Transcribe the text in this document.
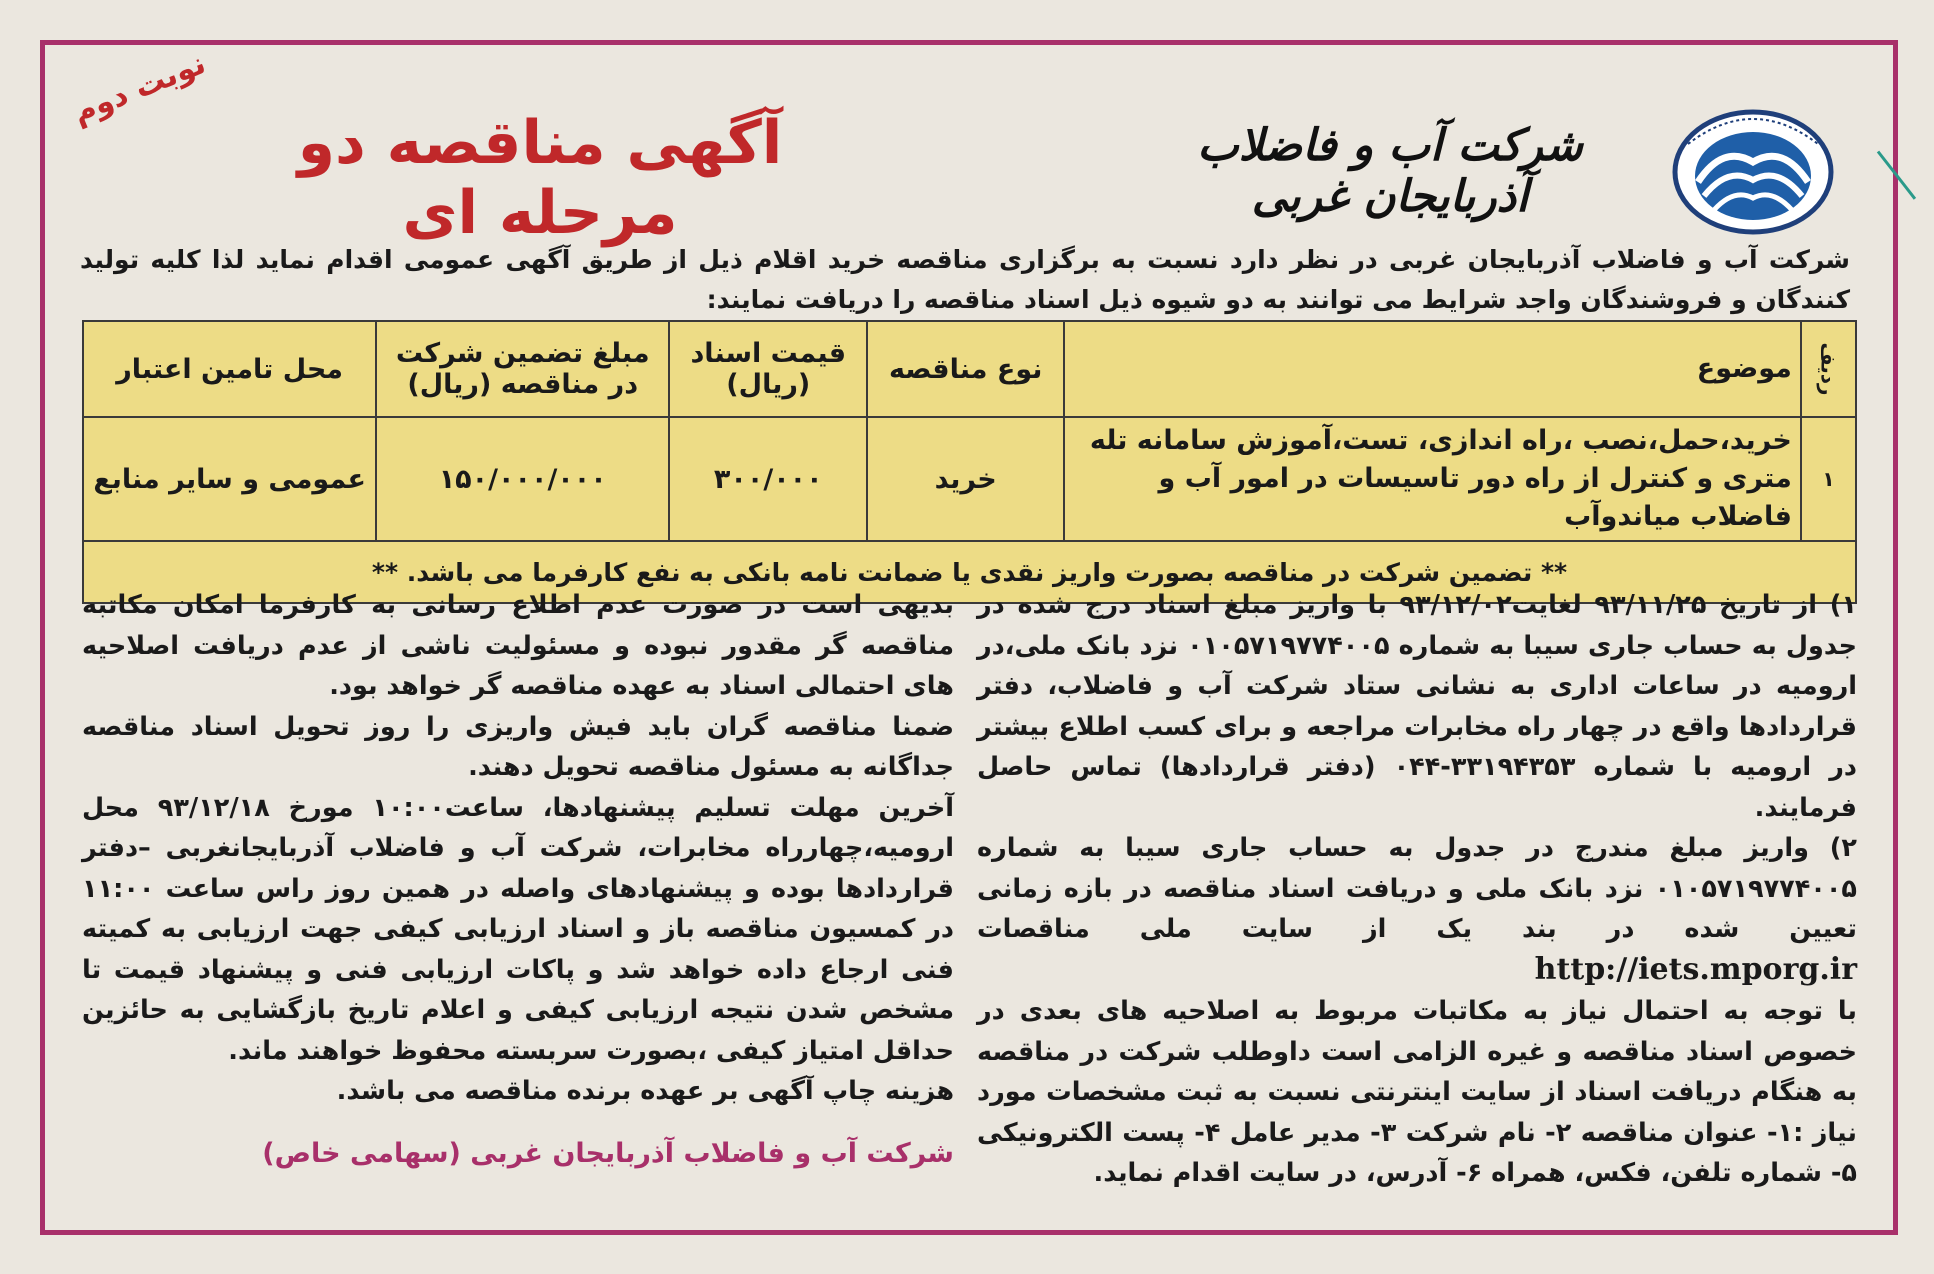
شرکت آب و فاضلاب آذربایجان غربی
آگهی مناقصه دو مرحله ای
نوبت دوم
شرکت آب و فاضلاب آذربایجان غربی در نظر دارد نسبت به برگزاری مناقصه خرید اقلام ذیل از طریق آگهی عمومی اقدام نماید لذا کلیه تولید کنندگان و فروشندگان واجد شرایط می توانند به دو شیوه ذیل اسناد مناقصه را دریافت نمایند:
ردیف	موضوع	نوع مناقصه	قیمت اسناد (ریال)	مبلغ تضمین شرکت در مناقصه (ریال)	محل تامین اعتبار
۱	خرید،حمل،نصب ،راه اندازی، تست،آموزش سامانه تله متری و کنترل از راه دور تاسیسات در امور آب و فاضلاب میاندوآب	خرید	۳۰۰/۰۰۰	۱۵۰/۰۰۰/۰۰۰	عمومی و سایر منابع
** تضمین شرکت در مناقصه بصورت واریز نقدی یا ضمانت نامه بانکی به نفع کارفرما می باشد. **					

۱) از تاریخ ۹۳/۱۱/۲۵ لغایت۹۳/۱۲/۰۲ با واریز مبلغ اسناد درج شده در جدول به حساب جاری سیبا به شماره ۰۱۰۵۷۱۹۷۷۴۰۰۵ نزد بانک ملی،در ارومیه در ساعات اداری به نشانی ستاد شرکت آب و فاضلاب، دفتر قراردادها واقع در چهار راه مخابرات مراجعه و برای کسب اطلاع بیشتر در ارومیه با شماره ۳۳۱۹۴۳۵۳-۰۴۴ (دفتر قراردادها) تماس حاصل فرمایند.

۲) واریز مبلغ مندرج در جدول به حساب جاری سیبا به شماره ۰۱۰۵۷۱۹۷۷۴۰۰۵ نزد بانک ملی و دریافت اسناد مناقصه در بازه زمانی تعیین شده در بند یک از سایت ملی مناقصات http://iets.mporg.ir

با توجه به احتمال نیاز به مکاتبات مربوط به اصلاحیه های بعدی در خصوص اسناد مناقصه و غیره الزامی است داوطلب شرکت در مناقصه به هنگام دریافت اسناد از سایت اینترنتی نسبت به ثبت مشخصات مورد نیاز :۱- عنوان مناقصه ۲- نام شرکت ۳- مدیر عامل ۴- پست الکترونیکی ۵- شماره تلفن، فکس، همراه ۶- آدرس، در سایت اقدام نماید.

بدیهی است در صورت عدم اطلاع رسانی به کارفرما امکان مکاتبه مناقصه گر مقدور نبوده و مسئولیت ناشی از عدم دریافت اصلاحیه های احتمالی اسناد به عهده مناقصه گر خواهد بود.

ضمنا مناقصه گران باید فیش واریزی را روز تحویل اسناد مناقصه جداگانه به مسئول مناقصه تحویل دهند.

آخرین مهلت تسلیم پیشنهادها، ساعت۱۰:۰۰ مورخ ۹۳/۱۲/۱۸ محل ارومیه،چهارراه مخابرات، شرکت آب و فاضلاب آذربایجانغربی –دفتر قراردادها بوده و پیشنهادهای واصله در همین روز راس ساعت ۱۱:۰۰ در کمسیون مناقصه باز و اسناد ارزیابی کیفی جهت ارزیابی به کمیته فنی ارجاع داده خواهد شد و پاکات ارزیابی فنی و پیشنهاد قیمت تا مشخص شدن نتیجه ارزیابی کیفی و اعلام تاریخ بازگشایی به حائزین حداقل امتیاز کیفی ،بصورت سربسته محفوظ خواهند ماند.

هزینه چاپ آگهی بر عهده برنده مناقصه می باشد.

شرکت آب و فاضلاب آذربایجان غربی (سهامی خاص)
